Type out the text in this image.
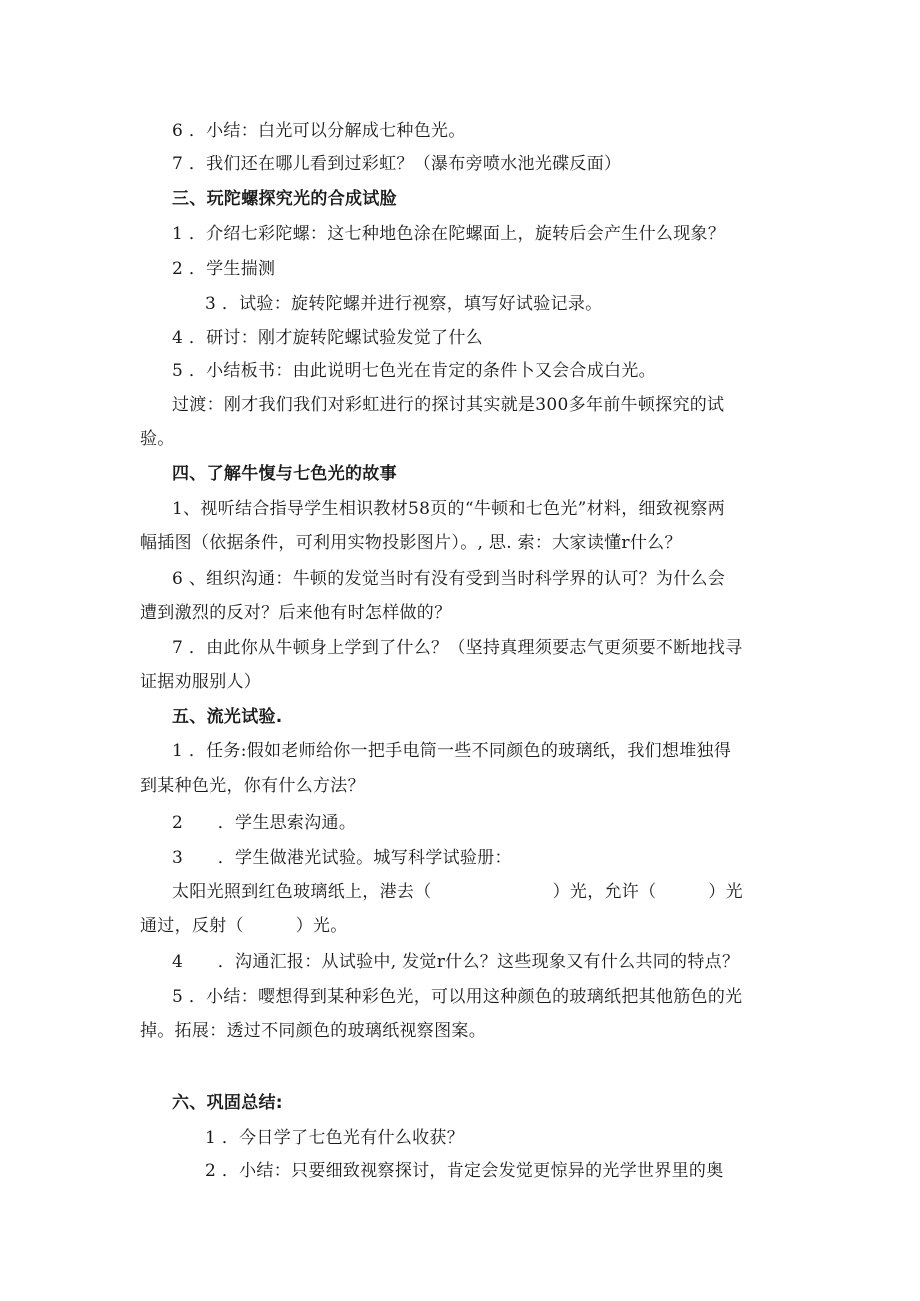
6 ．小结：白光可以分解成七种色光。
7 ．我们还在哪儿看到过彩虹？（瀑布旁喷水池光碟反面）
三、玩陀螺探究光的合成试脸
1 ．介绍七彩陀螺：这七种地色涂在陀螺面上，旋转后会产生什么现象？
2 ．学生揣测
3 ．试验：旋转陀螺并进行视察，填写好试验记录。
4 ．研讨：刚才旋转陀螺试验发觉了什么
5 ．小结板书：由此说明七色光在肯定的条件卜又会合成白光。
过渡：刚才我们我们对彩虹进行的探讨其实就是300多年前牛顿探究的试
验。
四、了解牛愎与七色光的故事
1、视听结合指导学生相识教材58页的“牛顿和七色光”材料，细致视察两
幅插图（依据条件，可利用实物投影图片）。, 思. 索：大家读懂r什么？
6 、组织沟通：牛顿的发觉当时有没有受到当时科学界的认可？为什么会
遭到激烈的反对？后来他有时怎样做的？
7 ．由此你从牛顿身上学到了什么？（坚持真理须要志气更须要不断地找寻
证据劝服别人）
五、流光试验.
1 ．任务:假如老师给你一把手电筒一些不同颜色的玻璃纸，我们想堆独得
到某种色光，你有什么方法？
2　　．学生思索沟通。
3　　．学生做港光试验。城写科学试验册：
太阳光照到红色玻璃纸上，港去（　　　　　　　）光，允许（　　　）光
通过，反射（　　　）光。
4　　．沟通汇报：从试验中, 发觉r什么？这些现象又有什么共同的特点？
5 ．小结：嘤想得到某种彩色光，可以用这种颜色的玻璃纸把其他筋色的光
掉。拓展：透过不同颜色的玻璃纸视察图案。
六、巩固总结:
1 ．今日学了七色光有什么收获？
2 ．小结：只要细致视察探讨，肯定会发觉更惊异的光学世界里的奥
